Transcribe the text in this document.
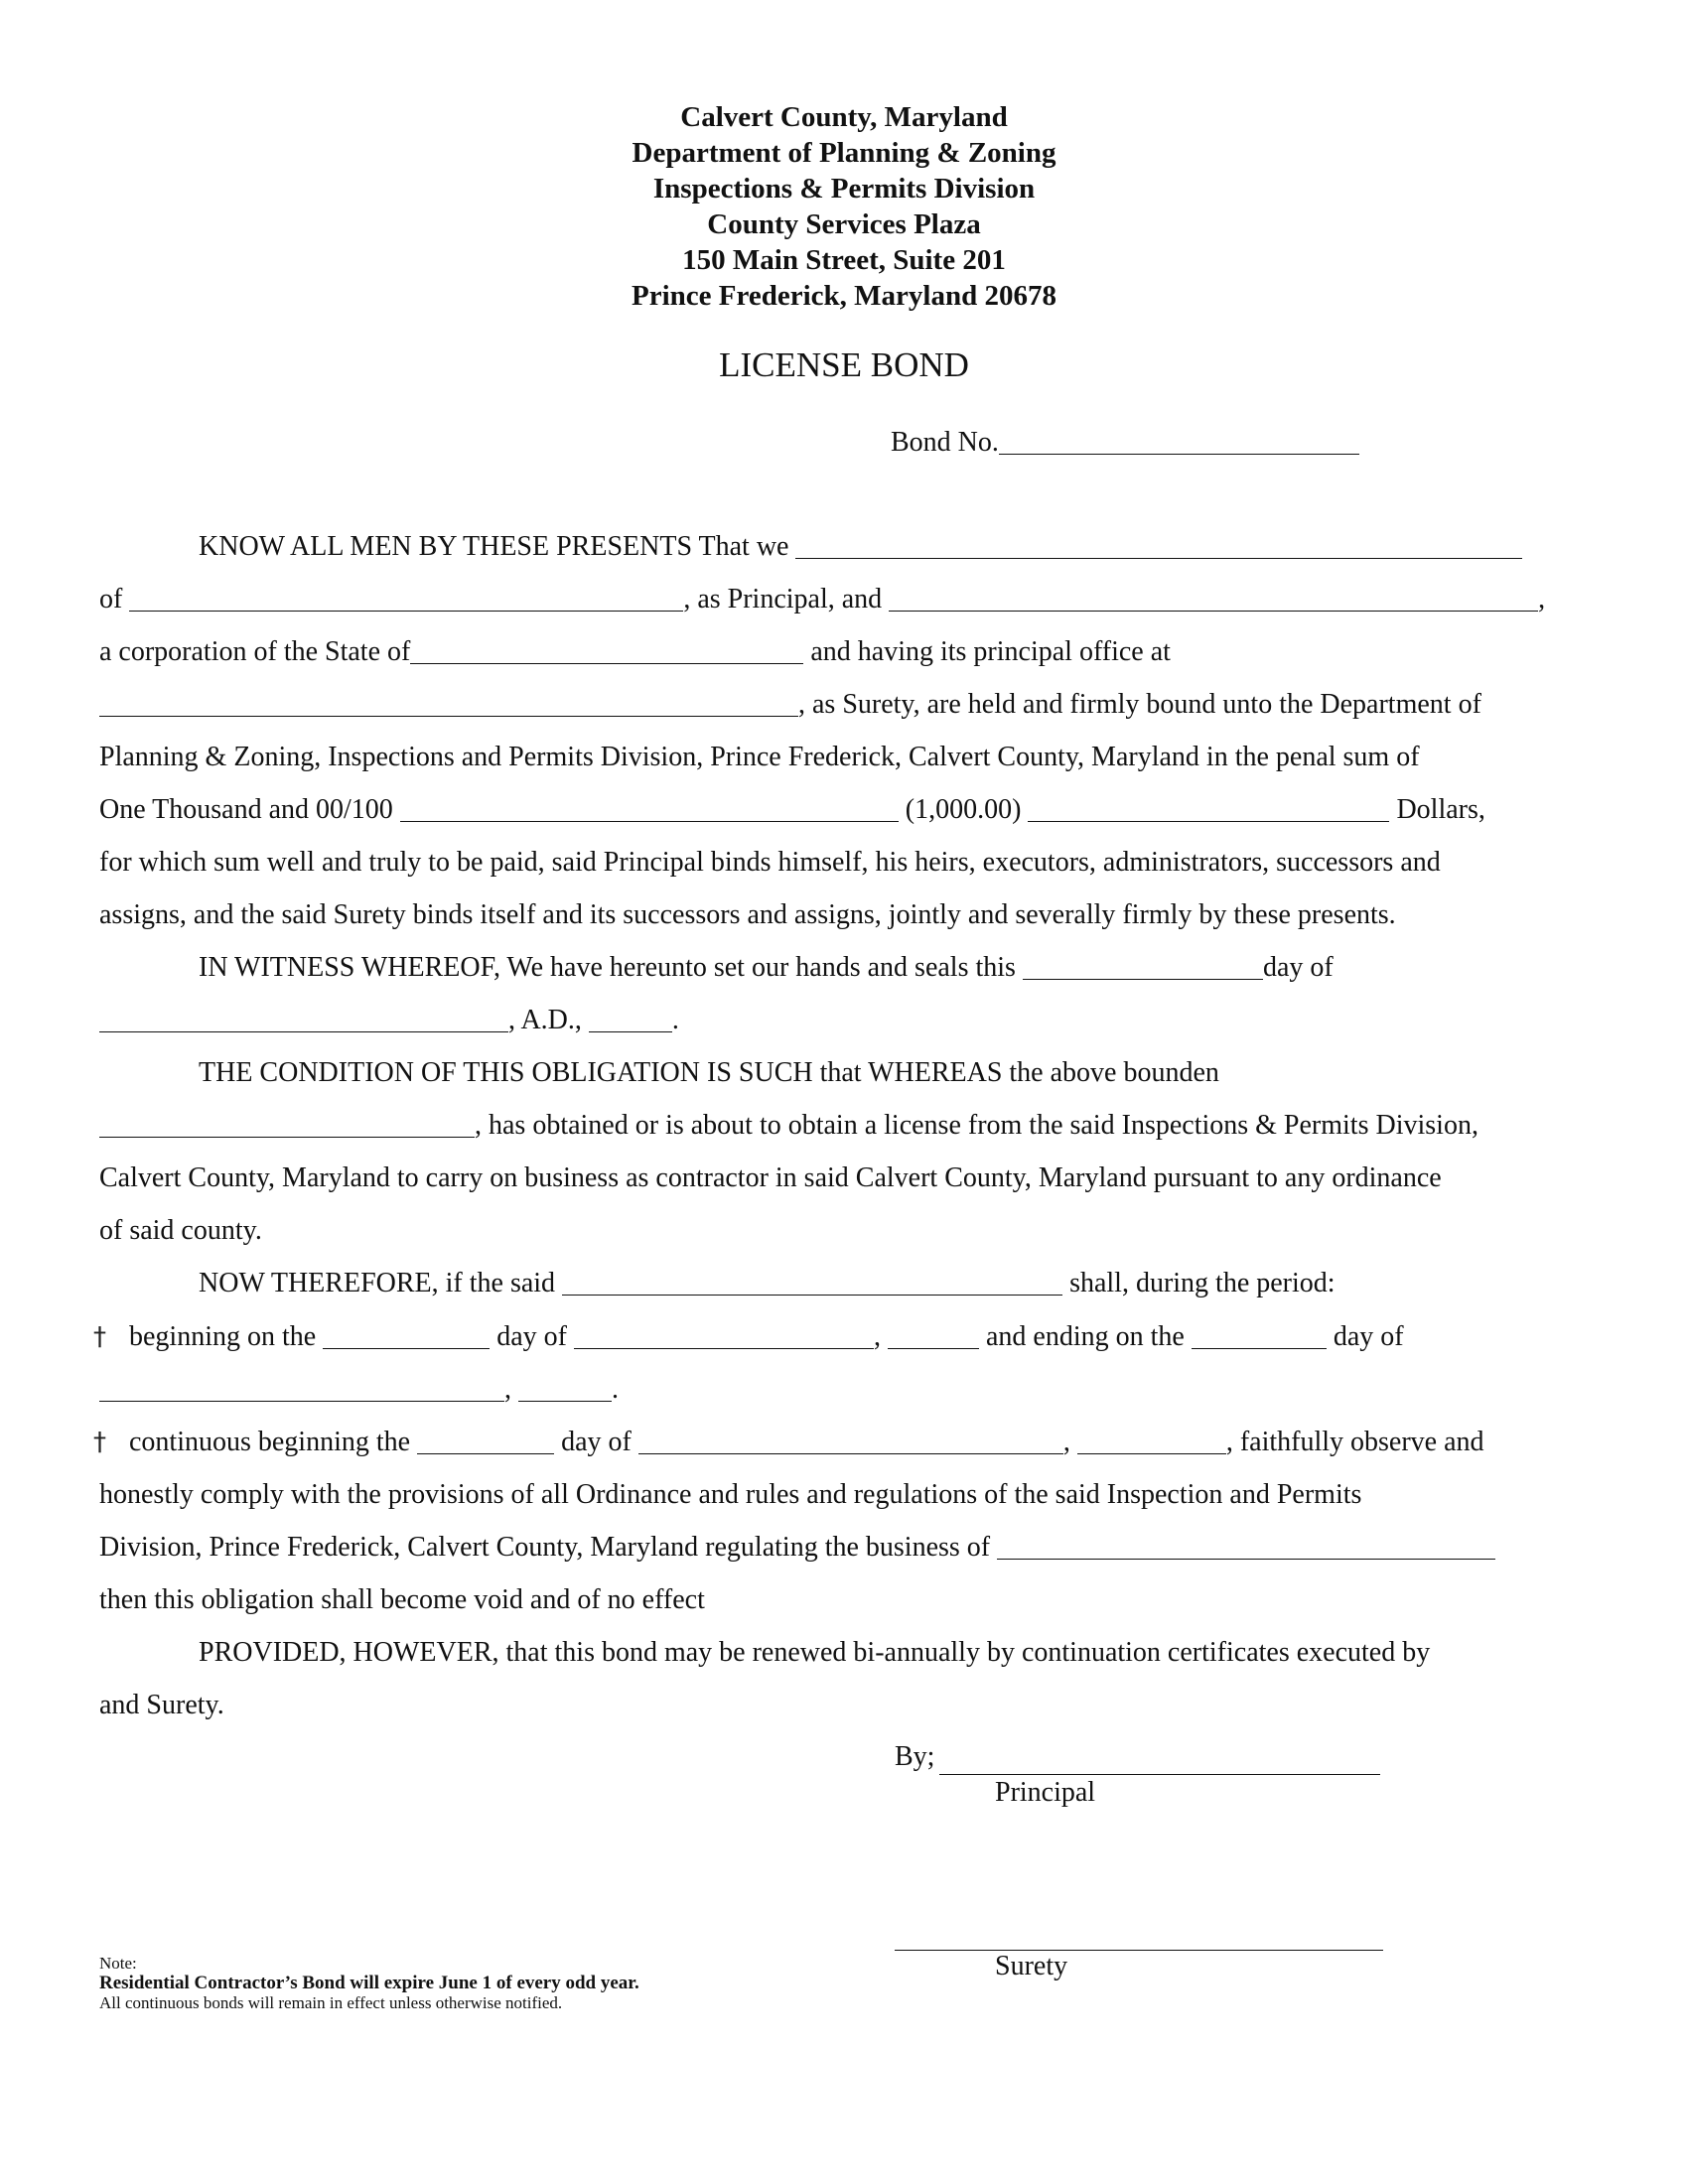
Calvert County, Maryland
Department of Planning & Zoning
Inspections & Permits Division
County Services Plaza
150 Main Street, Suite 201
Prince Frederick, Maryland 20678
LICENSE BOND
Bond No.
KNOW ALL MEN BY THESE PRESENTS That we
of	, as Principal, and	,
a corporation of the State of	and having its principal office at
, as Surety, are held and firmly bound unto the Department of
Planning & Zoning, Inspections and Permits Division, Prince Frederick, Calvert County, Maryland in the penal sum of
One Thousand and 00/100	(1,000.00)	Dollars,
for which sum well and truly to be paid, said Principal binds himself, his heirs, executors, administrators, successors and
assigns, and the said Surety binds itself and its successors and assigns, jointly and severally firmly by these presents.
IN WITNESS WHEREOF, We have hereunto set our hands and seals this	day of
, A.D.,	.
THE CONDITION OF THIS OBLIGATION IS SUCH that WHEREAS the above bounden
, has obtained or is about to obtain a license from the said Inspections & Permits Division,
Calvert County, Maryland to carry on business as contractor in said Calvert County, Maryland pursuant to any ordinance
of said county.
NOW THEREFORE, if the said	shall, during the period:
† beginning on the	day of	,	and ending on the	day of
,	.
† continuous beginning the	day of	,	, faithfully observe and
honestly comply with the provisions of all Ordinance and rules and regulations of the said Inspection and Permits
Division, Prince Frederick, Calvert County, Maryland regulating the business of
then this obligation shall become void and of no effect
PROVIDED, HOWEVER, that this bond may be renewed bi-annually by continuation certificates executed by
and Surety.
By;
Principal
Surety
Note:
Residential Contractor’s Bond will expire June 1 of every odd year.
All continuous bonds will remain in effect unless otherwise notified.
